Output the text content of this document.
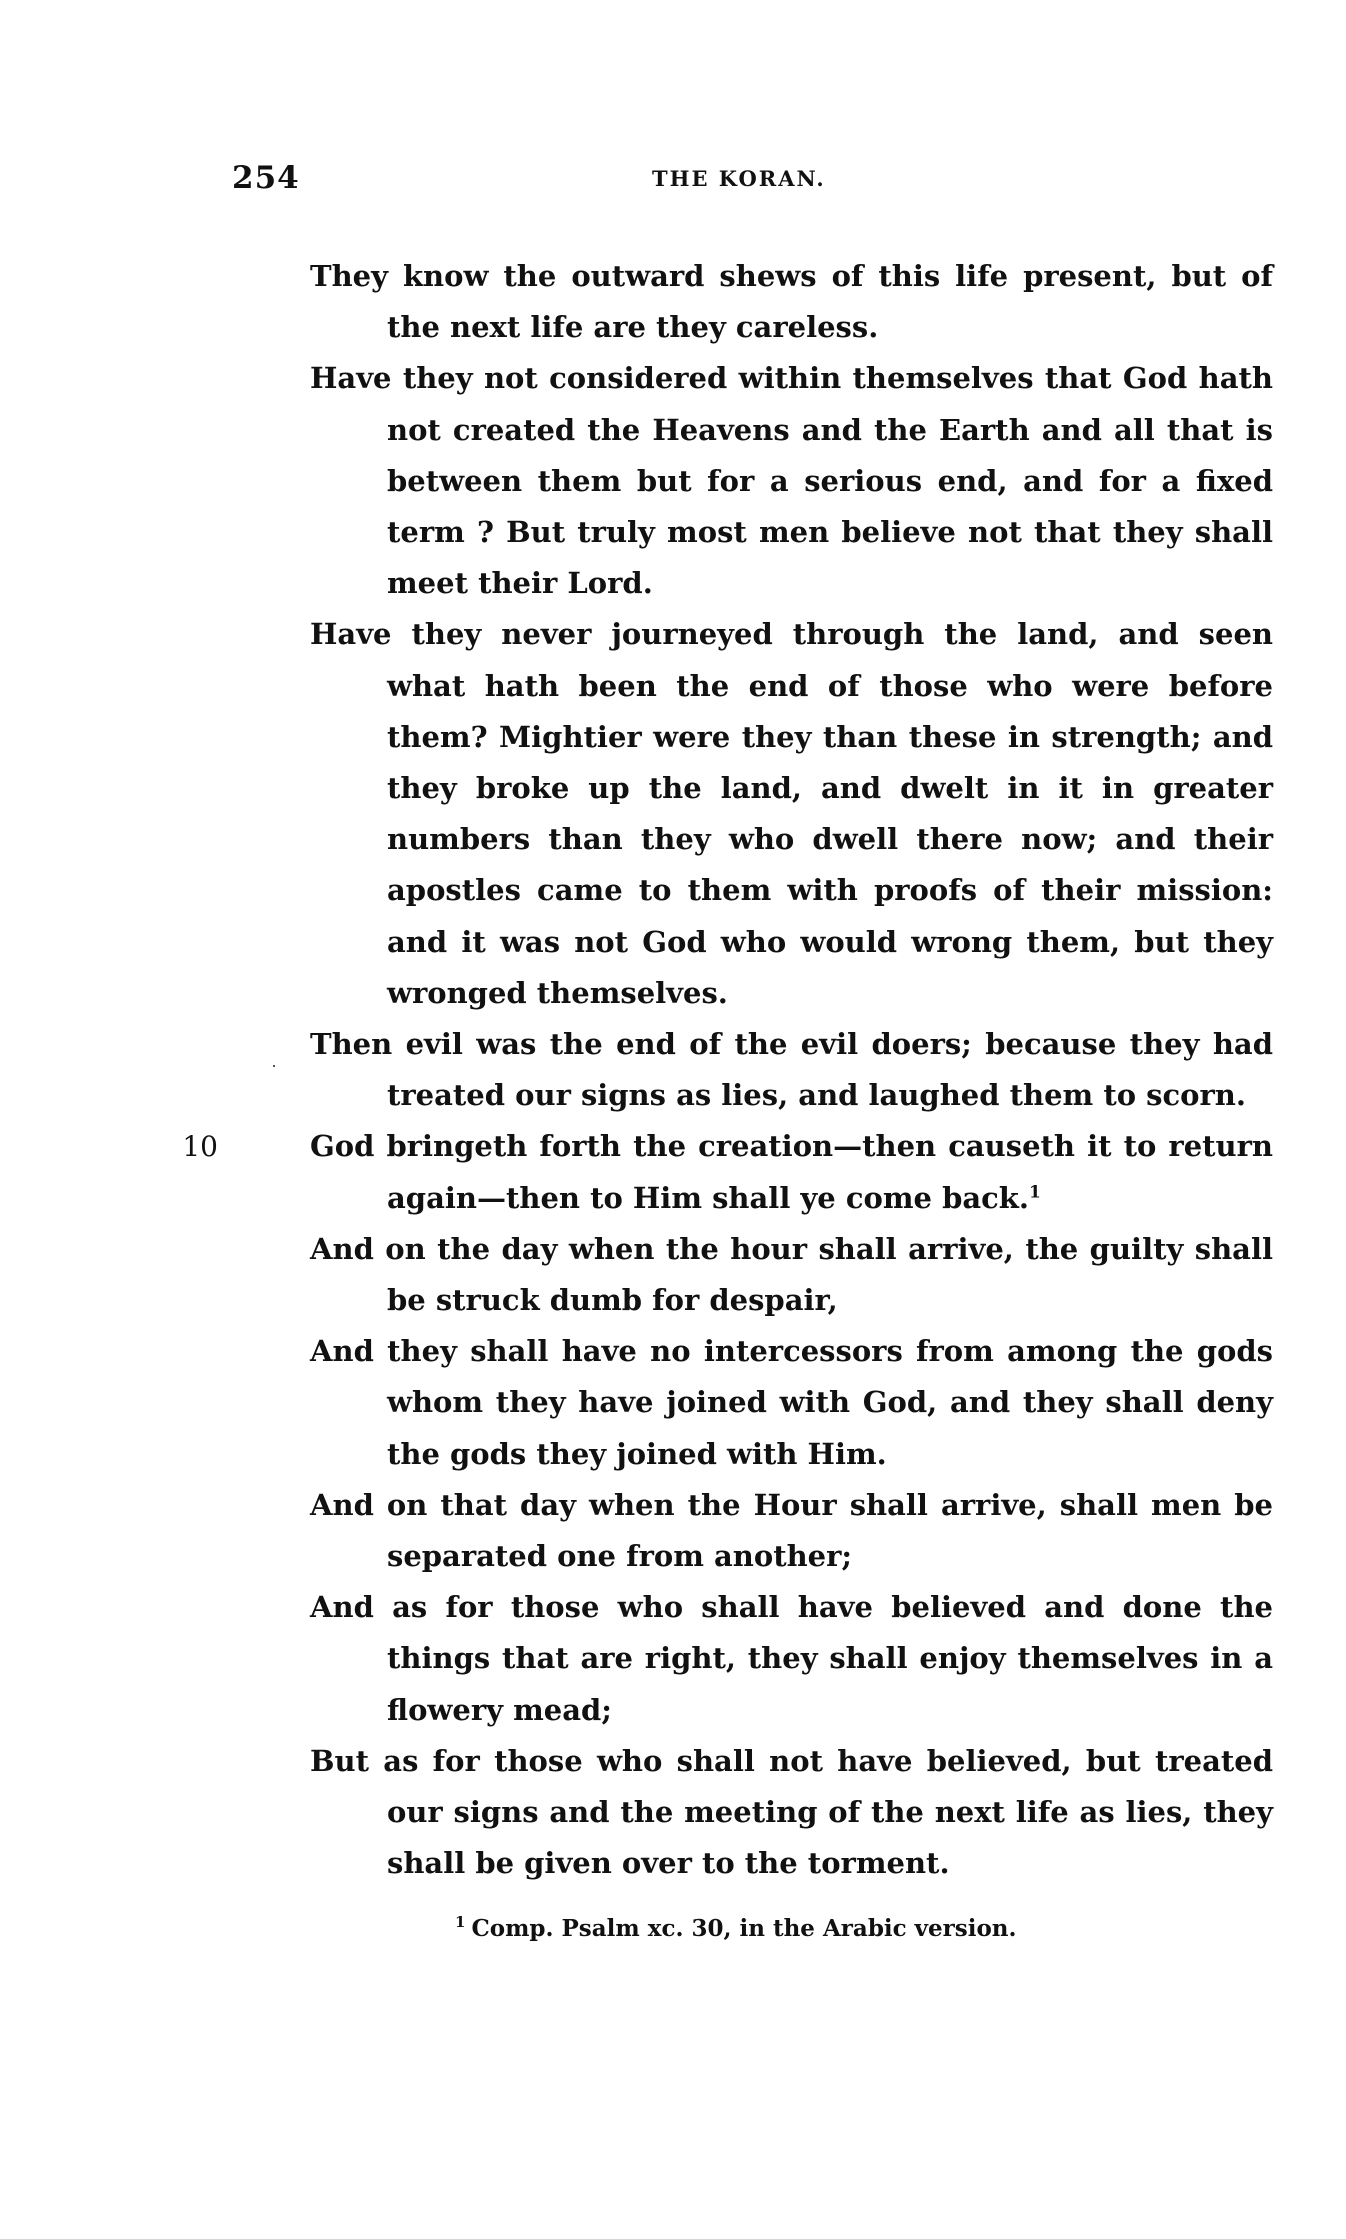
254	THE KORAN.

They know the outward shews of this life present, but of the next life are they careless.

Have they not considered within themselves that God hath not created the Heavens and the Earth and all that is between them but for a serious end, and for a fixed term ? But truly most men believe not that they shall meet their Lord.

Have they never journeyed through the land, and seen what hath been the end of those who were before them? Mightier were they than these in strength; and they broke up the land, and dwelt in it in greater numbers than they who dwell there now; and their apostles came to them with proofs of their mission: and it was not God who would wrong them, but they wronged themselves.

Then evil was the end of the evil doers; because they had treated our signs as lies, and laughed them to scorn.

10	God bringeth forth the creation—then causeth it to return again—then to Him shall ye come back.$^1$

And on the day when the hour shall arrive, the guilty shall be struck dumb for despair,

And they shall have no intercessors from among the gods whom they have joined with God, and they shall deny the gods they joined with Him.

And on that day when the Hour shall arrive, shall men be separated one from another;

And as for those who shall have believed and done the things that are right, they shall enjoy themselves in a flowery mead;

But as for those who shall not have believed, but treated our signs and the meeting of the next life as lies, they shall be given over to the torment.

$^1$ Comp. Psalm xc. 30, in the Arabic version.
